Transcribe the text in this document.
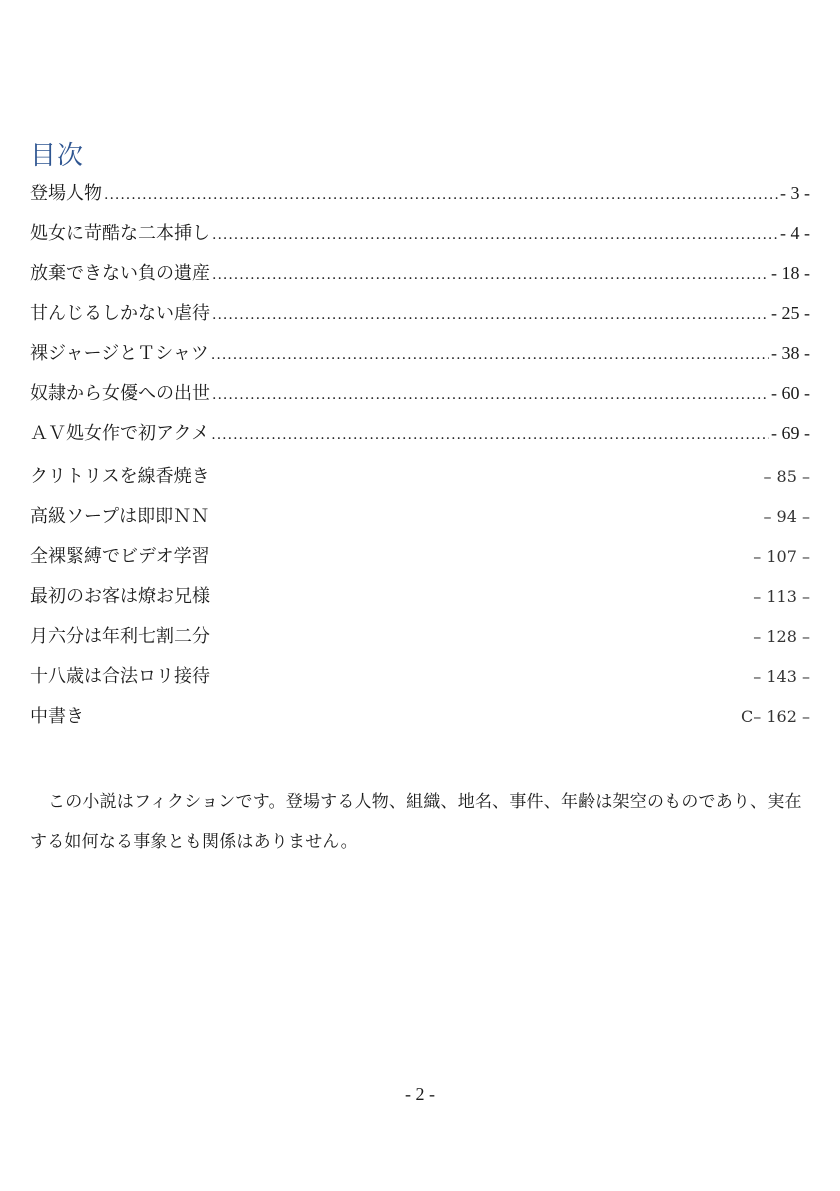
目次
登場人物 .....	- 3 -
処女に苛酷な二本挿し .....	- 4 -
放棄できない負の遺産 .....	- 18 -
甘んじるしかない虐待 .....	- 25 -
裸ジャージとＴシャツ .....	- 38 -
奴隷から女優への出世 .....	- 60 -
ＡＶ処女作で初アクメ .....	- 69 -
クリトリスを線香焼き	– 85 –
高級ソープは即即ＮＮ	– 94 –
全裸緊縛でビデオ学習	– 107 –
最初のお客は燎お兄様	– 113 –
月六分は年利七割二分	– 128 –
十八歳は合法ロリ接待	– 143 –
中書き	C– 162 –

この小説はフィクションです。登場する人物、組織、地名、事件、年齢は架空のものであり、実在する如何なる事象とも関係はありません。

- 2 -
